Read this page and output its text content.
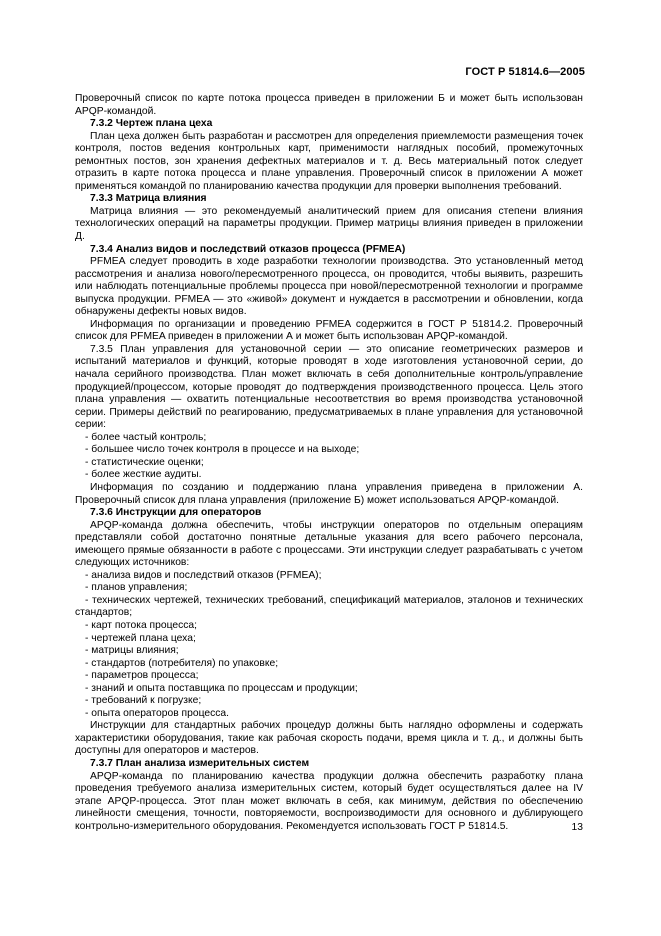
ГОСТ Р 51814.6—2005

Проверочный список по карте потока процесса приведен в приложении Б и может быть использован APQP-командой.

7.3.2 Чертеж плана цеха

План цеха должен быть разработан и рассмотрен для определения приемлемости размещения точек контроля, постов ведения контрольных карт, применимости наглядных пособий, промежуточных ремонтных постов, зон хранения дефектных материалов и т. д. Весь материальный поток следует отразить в карте потока процесса и плане управления. Проверочный список в приложении А может применяться командой по планированию качества продукции для проверки выполнения требований.

7.3.3 Матрица влияния

Матрица влияния — это рекомендуемый аналитический прием для описания степени влияния технологических операций на параметры продукции. Пример матрицы влияния приведен в приложении Д.

7.3.4 Анализ видов и последствий отказов процесса (PFMEA)

PFMEA следует проводить в ходе разработки технологии производства. Это установленный метод рассмотрения и анализа нового/пересмотренного процесса, он проводится, чтобы выявить, разрешить или наблюдать потенциальные проблемы процесса при новой/пересмотренной технологии и программе выпуска продукции. PFMEA — это «живой» документ и нуждается в рассмотрении и обновлении, когда обнаружены дефекты новых видов.

Информация по организации и проведению PFMEA содержится в ГОСТ Р 51814.2. Проверочный список для PFMEA приведен в приложении А и может быть использован APQP-командой.

7.3.5 План управления для установочной серии — это описание геометрических размеров и испытаний материалов и функций, которые проводят в ходе изготовления установочной серии, до начала серийного производства. План может включать в себя дополнительные контроль/управление продукцией/процессом, которые проводят до подтверждения производственного процесса. Цель этого плана управления — охватить потенциальные несоответствия во время производства установочной серии. Примеры действий по реагированию, предусматриваемых в плане управления для установочной серии:

- более частый контроль;

- большее число точек контроля в процессе и на выходе;

- статистические оценки;

- более жесткие аудиты.

Информация по созданию и поддержанию плана управления приведена в приложении А. Проверочный список для плана управления (приложение Б) может использоваться APQP-командой.

7.3.6 Инструкции для операторов

APQP-команда должна обеспечить, чтобы инструкции операторов по отдельным операциям представляли собой достаточно понятные детальные указания для всего рабочего персонала, имеющего прямые обязанности в работе с процессами. Эти инструкции следует разрабатывать с учетом следующих источников:

- анализа видов и последствий отказов (PFMEA);

- планов управления;

- технических чертежей, технических требований, спецификаций материалов, эталонов и технических стандартов;

- карт потока процесса;

- чертежей плана цеха;

- матрицы влияния;

- стандартов (потребителя) по упаковке;

- параметров процесса;

- знаний и опыта поставщика по процессам и продукции;

- требований к погрузке;

- опыта операторов процесса.

Инструкции для стандартных рабочих процедур должны быть наглядно оформлены и содержать характеристики оборудования, такие как рабочая скорость подачи, время цикла и т. д., и должны быть доступны для операторов и мастеров.

7.3.7 План анализа измерительных систем

APQP-команда по планированию качества продукции должна обеспечить разработку плана проведения требуемого анализа измерительных систем, который будет осуществляться далее на IV этапе APQP-процесса. Этот план может включать в себя, как минимум, действия по обеспечению линейности смещения, точности, повторяемости, воспроизводимости для основного и дублирующего контрольно-измерительного оборудования. Рекомендуется использовать ГОСТ Р 51814.5.	13
